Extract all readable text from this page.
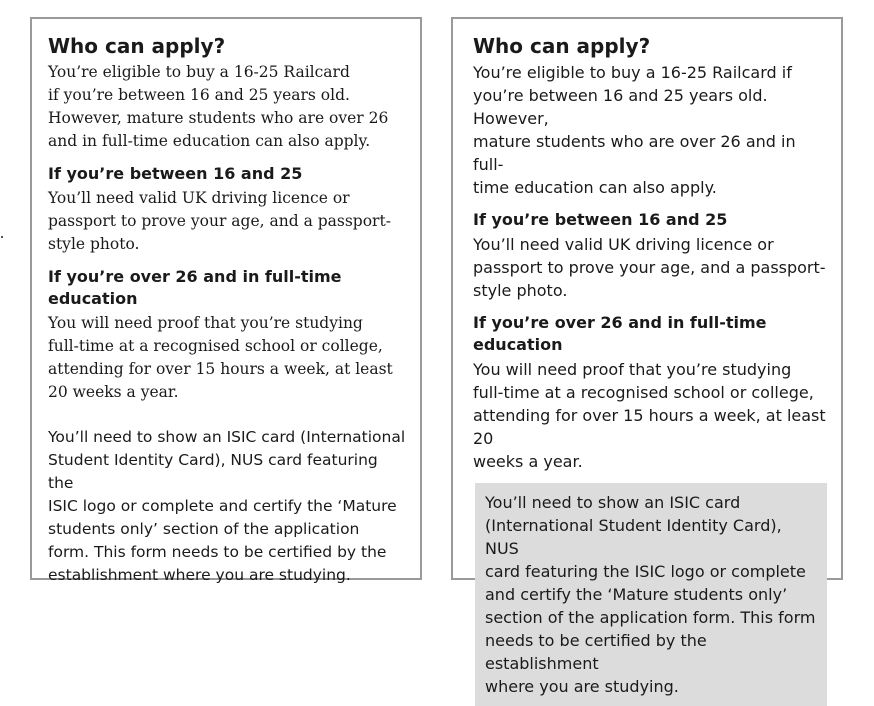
Who can apply?

You’re eligible to buy a 16-25 Railcard

if you’re between 16 and 25 years old.

However, mature students who are over 26

and in full-time education can also apply.

If you’re between 16 and 25

You’ll need valid UK driving licence or

passport to prove your age, and a passport-

style photo.

If you’re over 26 and in full-time education

You will need proof that you’re studying

full-time at a recognised school or college,

attending for over 15 hours a week, at least

20 weeks a year.

You’ll need to show an ISIC card (International

Student Identity Card), NUS card featuring the

ISIC logo or complete and certify the ‘Mature

students only’ section of the application

form. This form needs to be certified by the

establishment where you are studying.

Who can apply?

You’re eligible to buy a 16-25 Railcard if

you’re between 16 and 25 years old. However,

mature students who are over 26 and in full-

time education can also apply.

If you’re between 16 and 25

You’ll need valid UK driving licence or

passport to prove your age, and a passport-

style photo.

If you’re over 26 and in full-time education

You will need proof that you’re studying

full-time at a recognised school or college,

attending for over 15 hours a week, at least 20

weeks a year.

You’ll need to show an ISIC card

(International Student Identity Card), NUS

card featuring the ISIC logo or complete

and certify the ‘Mature students only’

section of the application form. This form

needs to be certified by the establishment

where you are studying.
